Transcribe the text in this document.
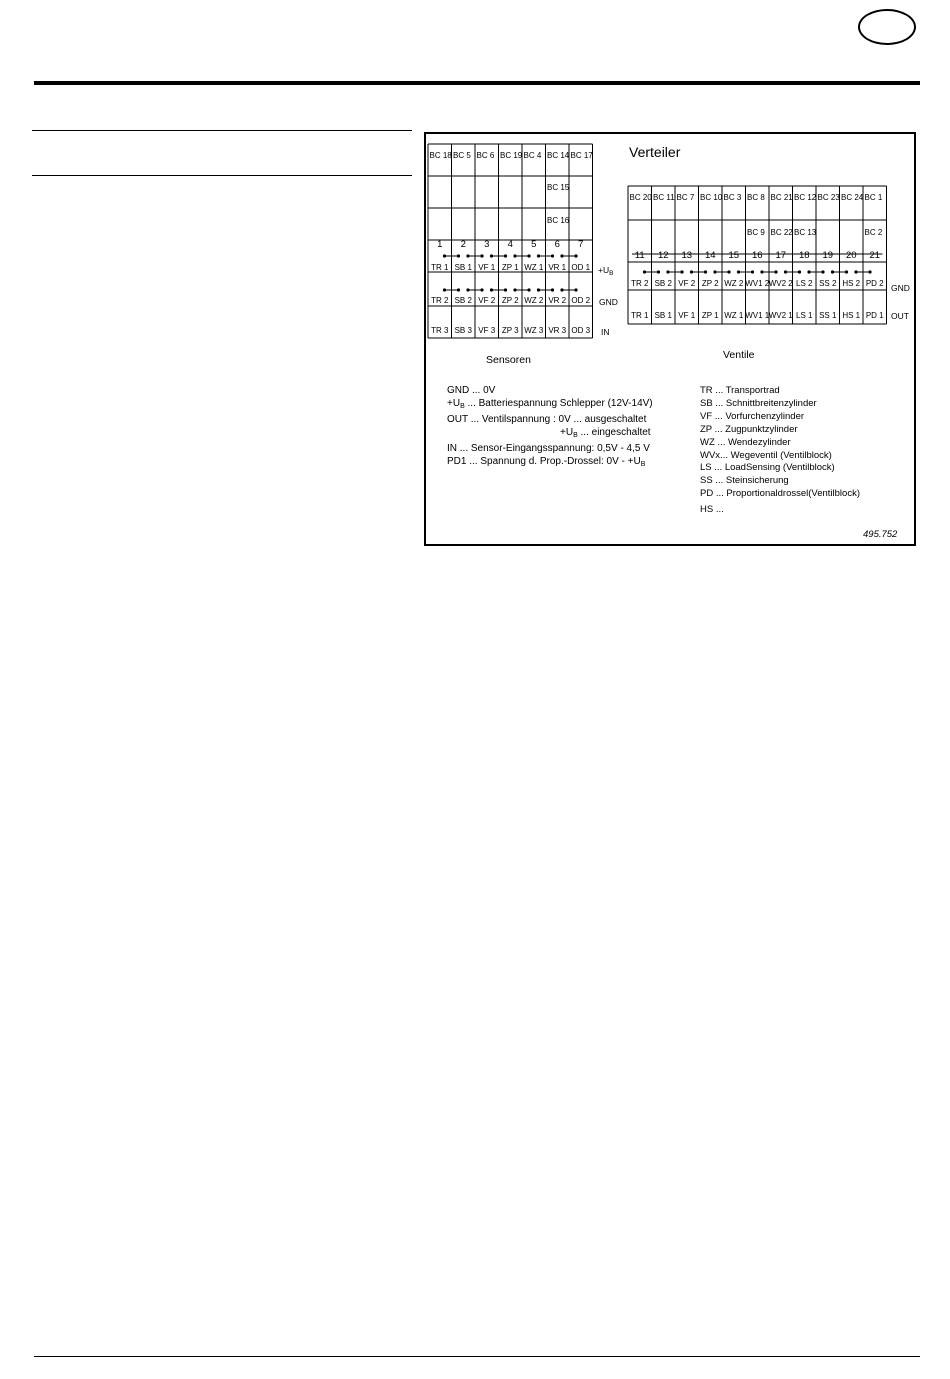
BC 18 BC 5 BC 6 BC 19 BC 4 BC 14 BC 17
BC 15
BC 16
1 2 3 4 5 6 7
TR 1 SB 1 VF 1 ZP 1 WZ 1 VR 1 OD 1
TR 2 SB 2 VF 2 ZP 2 WZ 2 VR 2 OD 2
TR 3 SB 3 VF 3 ZP 3 WZ 3 VR 3 OD 3
BC 20 BC 11 BC 7 BC 10 BC 3 BC 8 BC 21 BC 12 BC 23 BC 24 BC 1
BC 9 BC 22 BC 13	BC 2
11 12 13 14 15 16 17 18 19 20 21
TR 2 SB 2 VF 2 ZP 2 WZ 2 WV1 2 WV2 2 LS 2 SS 2 HS 2 PD 2
TR 1 SB 1 VF 1 ZP 1 WZ 1 WV1 1 WV2 1 LS 1 SS 1 HS 1 PD 1
Verteiler
$+U_B$
GND
IN
GND
OUT
Sensoren	Ventile
495.752
GND ... 0V
$+U_B$ ... Batteriespannung Schlepper (12V-14V)
OUT ... Ventilspannung : 0V ... ausgeschaltet
$+U_B$ ... eingeschaltet
IN ... Sensor-Eingangsspannung: 0,5V - 4,5 V
PD1 ... Spannung d. Prop.-Drossel: $0V - +U_B$
TR ... Transportrad
SB ... Schnittbreitenzylinder
VF ... Vorfurchenzylinder
ZP ... Zugpunktzylinder
WZ ... Wendezylinder
WVx... Wegeventil (Ventilblock)
LS ... LoadSensing (Ventilblock)
SS ... Steinsicherung
PD ... Proportionaldrossel(Ventilblock)
HS ...
